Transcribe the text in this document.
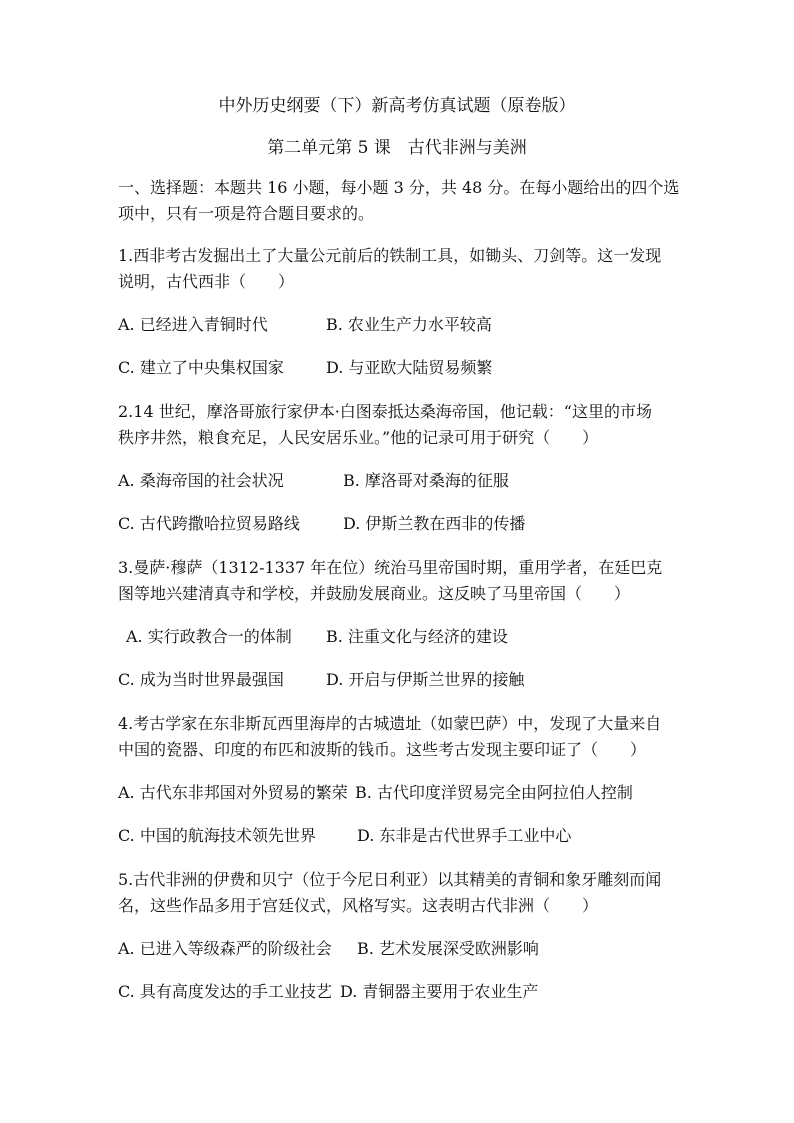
中外历史纲要（下）新高考仿真试题（原卷版）
第二单元第 5 课　古代非洲与美洲
一、选择题：本题共 16 小题，每小题 3 分，共 48 分。在每小题给出的四个选
项中，只有一项是符合题目要求的。
1.西非考古发掘出土了大量公元前后的铁制工具，如锄头、刀剑等。这一发现
说明，古代西非（　　）
A. 已经进入青铜时代	B. 农业生产力水平较高
C. 建立了中央集权国家	D. 与亚欧大陆贸易频繁
2.14 世纪，摩洛哥旅行家伊本·白图泰抵达桑海帝国，他记载：“这里的市场
秩序井然，粮食充足，人民安居乐业。”他的记录可用于研究（　　）
A. 桑海帝国的社会状况	B. 摩洛哥对桑海的征服
C. 古代跨撒哈拉贸易路线	D. 伊斯兰教在西非的传播
3.曼萨·穆萨（1312-1337 年在位）统治马里帝国时期，重用学者，在廷巴克
图等地兴建清真寺和学校，并鼓励发展商业。这反映了马里帝国（　　）
A. 实行政教合一的体制 B. 注重文化与经济的建设
C. 成为当时世界最强国	D. 开启与伊斯兰世界的接触
4.考古学家在东非斯瓦西里海岸的古城遗址（如蒙巴萨）中，发现了大量来自
中国的瓷器、印度的布匹和波斯的钱币。这些考古发现主要印证了（　　）
A. 古代东非邦国对外贸易的繁荣 B. 古代印度洋贸易完全由阿拉伯人控制
C. 中国的航海技术领先世界	D. 东非是古代世界手工业中心
5.古代非洲的伊费和贝宁（位于今尼日利亚）以其精美的青铜和象牙雕刻而闻
名，这些作品多用于宫廷仪式，风格写实。这表明古代非洲（　　）
A. 已进入等级森严的阶级社会 B. 艺术发展深受欧洲影响
C. 具有高度发达的手工业技艺 D. 青铜器主要用于农业生产
